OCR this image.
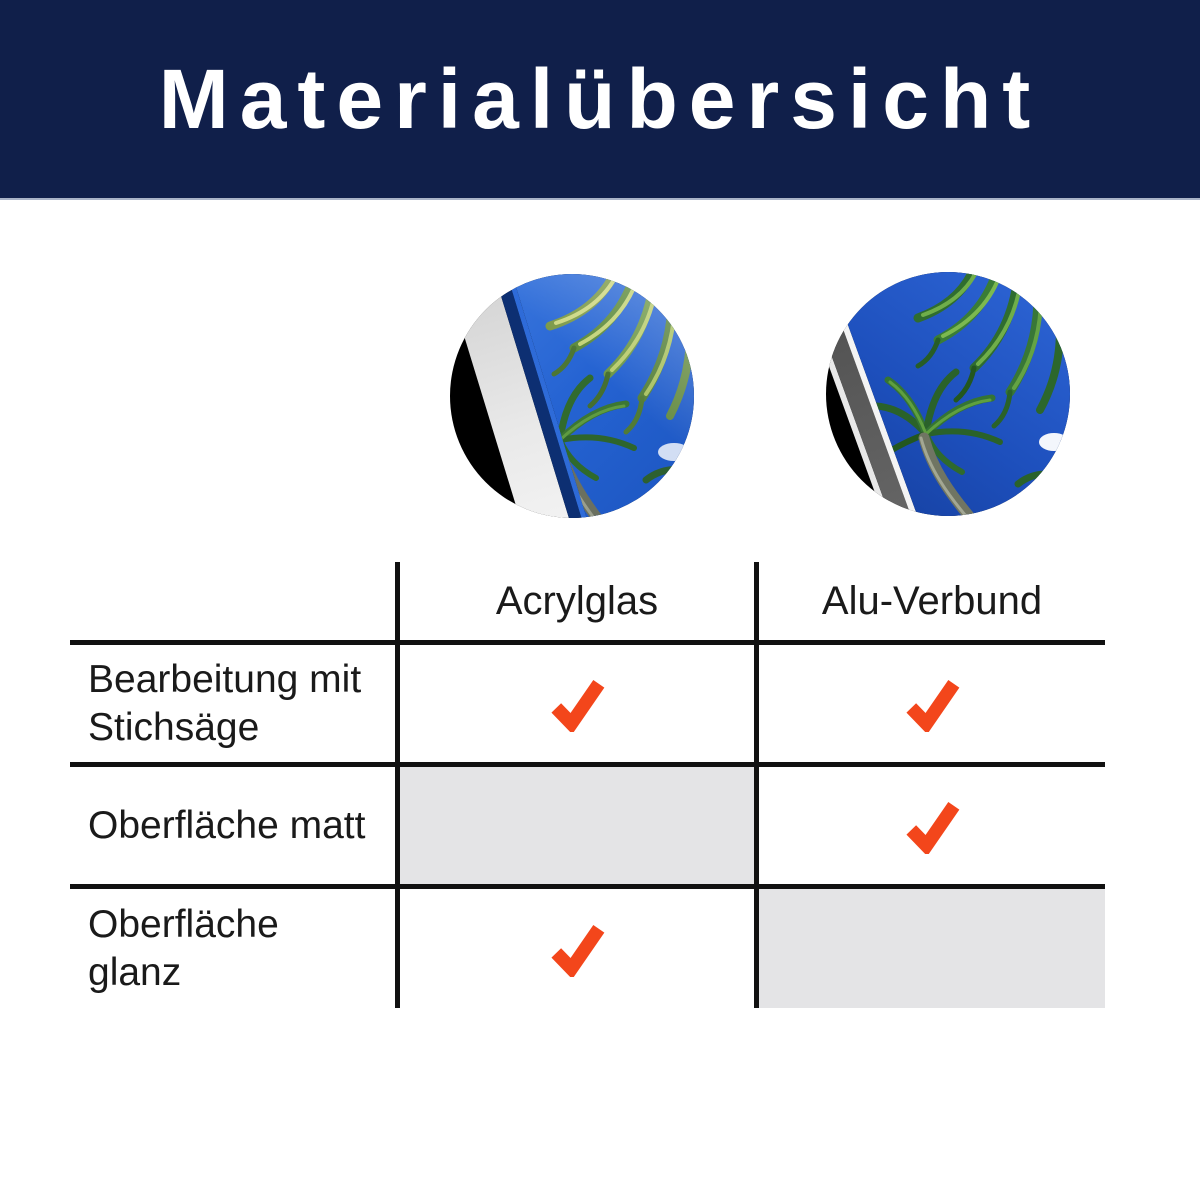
Materialübersicht
Acrylglas	Alu-Verbund
Bearbeitung mit Stichsäge
Oberfläche matt
Oberfläche glanz
